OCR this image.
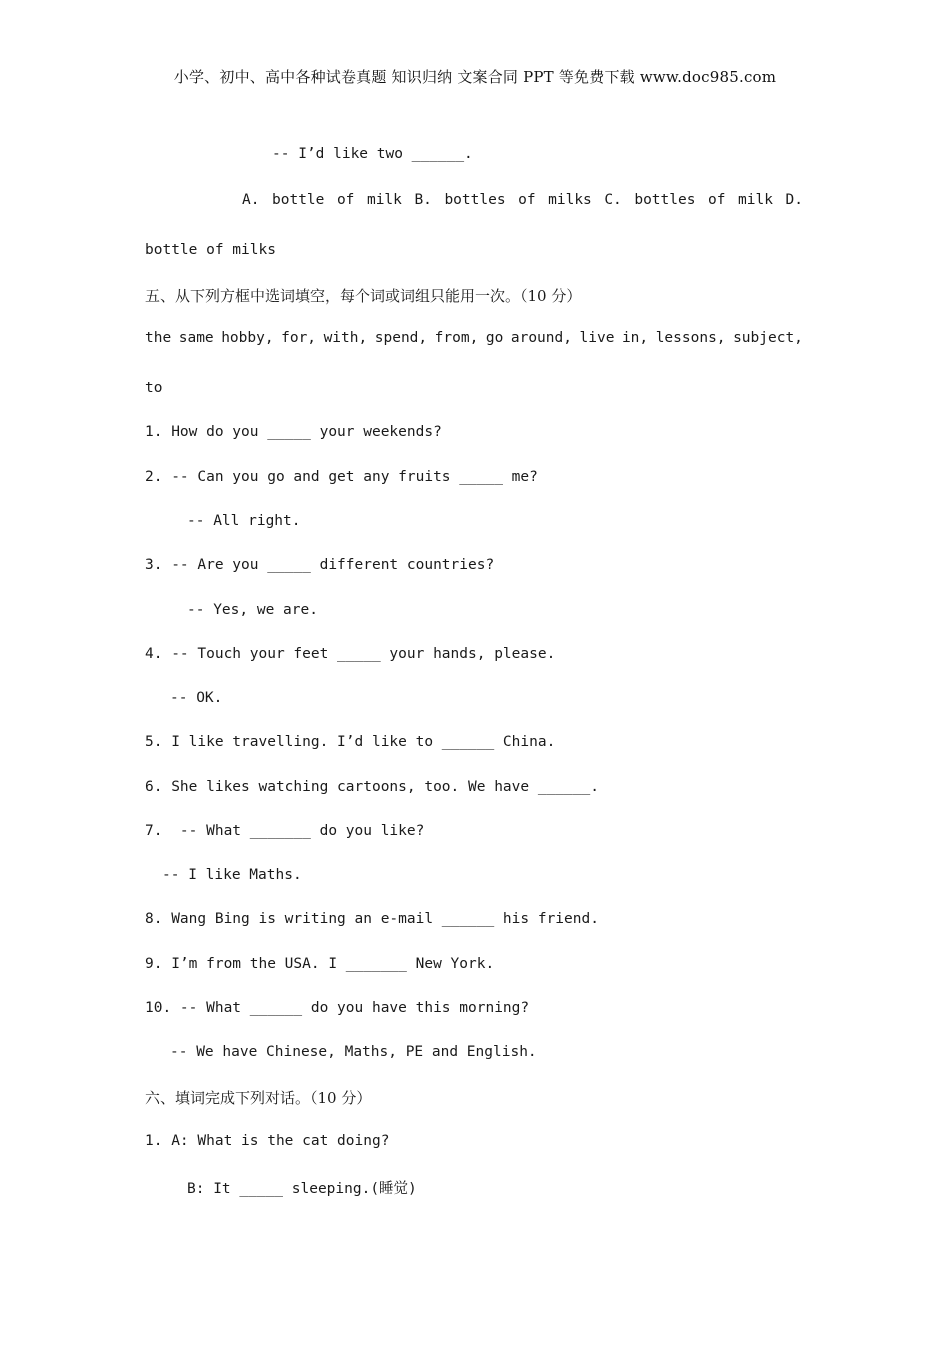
小学、初中、高中各种试卷真题 知识归纳 文案合同 PPT 等免费下载 www.doc985.com
-- I’d like two ______.
A. bottle of milk B. bottles of milks C. bottles of milk D.
bottle of milks
五、从下列方框中选词填空，每个词或词组只能用一次。（10 分）
the same hobby, for, with, spend, from, go around, live in, lessons, subject,
to
1. How do you _____ your weekends?
2. -- Can you go and get any fruits _____ me?
-- All right.
3. -- Are you _____ different countries?
-- Yes, we are.
4. -- Touch your feet _____ your hands, please.
-- OK.
5. I like travelling. I’d like to ______ China.
6. She likes watching cartoons, too. We have ______.
7.  -- What _______ do you like?
-- I like Maths.
8. Wang Bing is writing an e-mail ______ his friend.
9. I’m from the USA. I _______ New York.
10. -- What ______ do you have this morning?
-- We have Chinese, Maths, PE and English.
六、填词完成下列对话。（10 分）
1. A: What is the cat doing?
B: It _____ sleeping.(睡觉)
